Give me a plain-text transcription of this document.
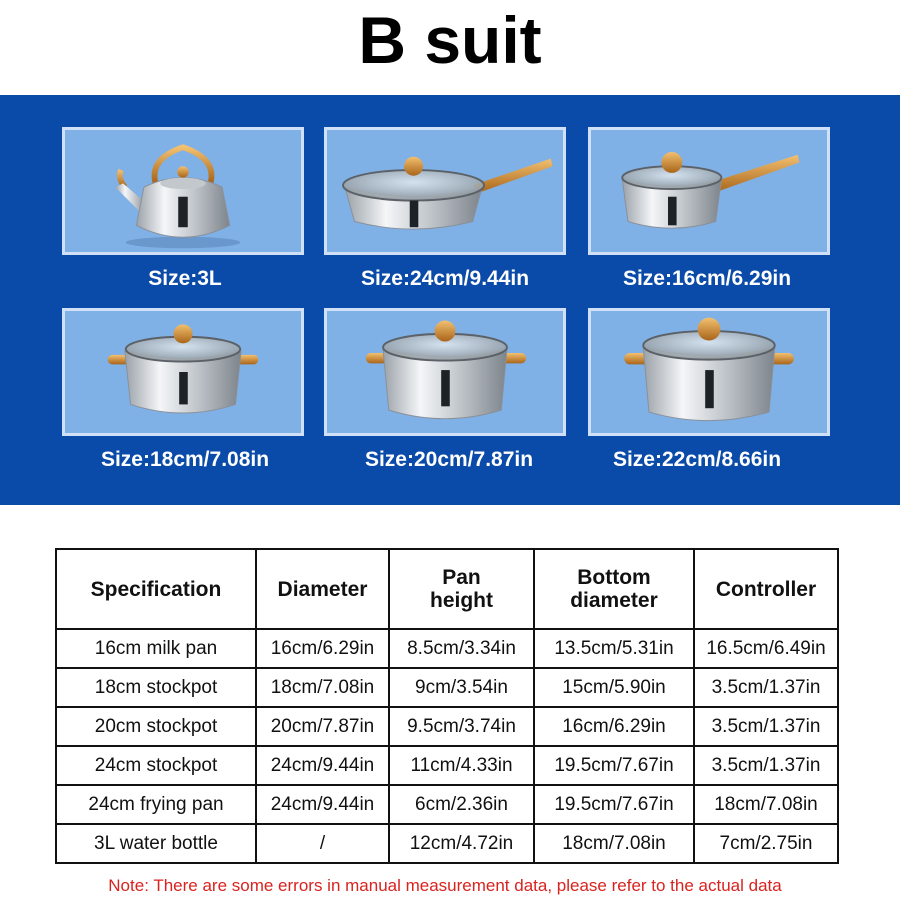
B suit
Size:3L	Size:24cm/9.44in	Size:16cm/6.29in
Size:18cm/7.08in	Size:20cm/7.87in	Size:22cm/8.66in
Specification	Diameter	Pan height	Bottom diameter	Controller
16cm milk pan	16cm/6.29in	8.5cm/3.34in	13.5cm/5.31in	16.5cm/6.49in
18cm stockpot	18cm/7.08in	9cm/3.54in	15cm/5.90in	3.5cm/1.37in
20cm stockpot	20cm/7.87in	9.5cm/3.74in	16cm/6.29in	3.5cm/1.37in
24cm stockpot	24cm/9.44in	11cm/4.33in	19.5cm/7.67in	3.5cm/1.37in
24cm frying pan	24cm/9.44in	6cm/2.36in	19.5cm/7.67in	18cm/7.08in
3L water bottle	/	12cm/4.72in	18cm/7.08in	7cm/2.75in
Note: There are some errors in manual measurement data, please refer to the actual data
